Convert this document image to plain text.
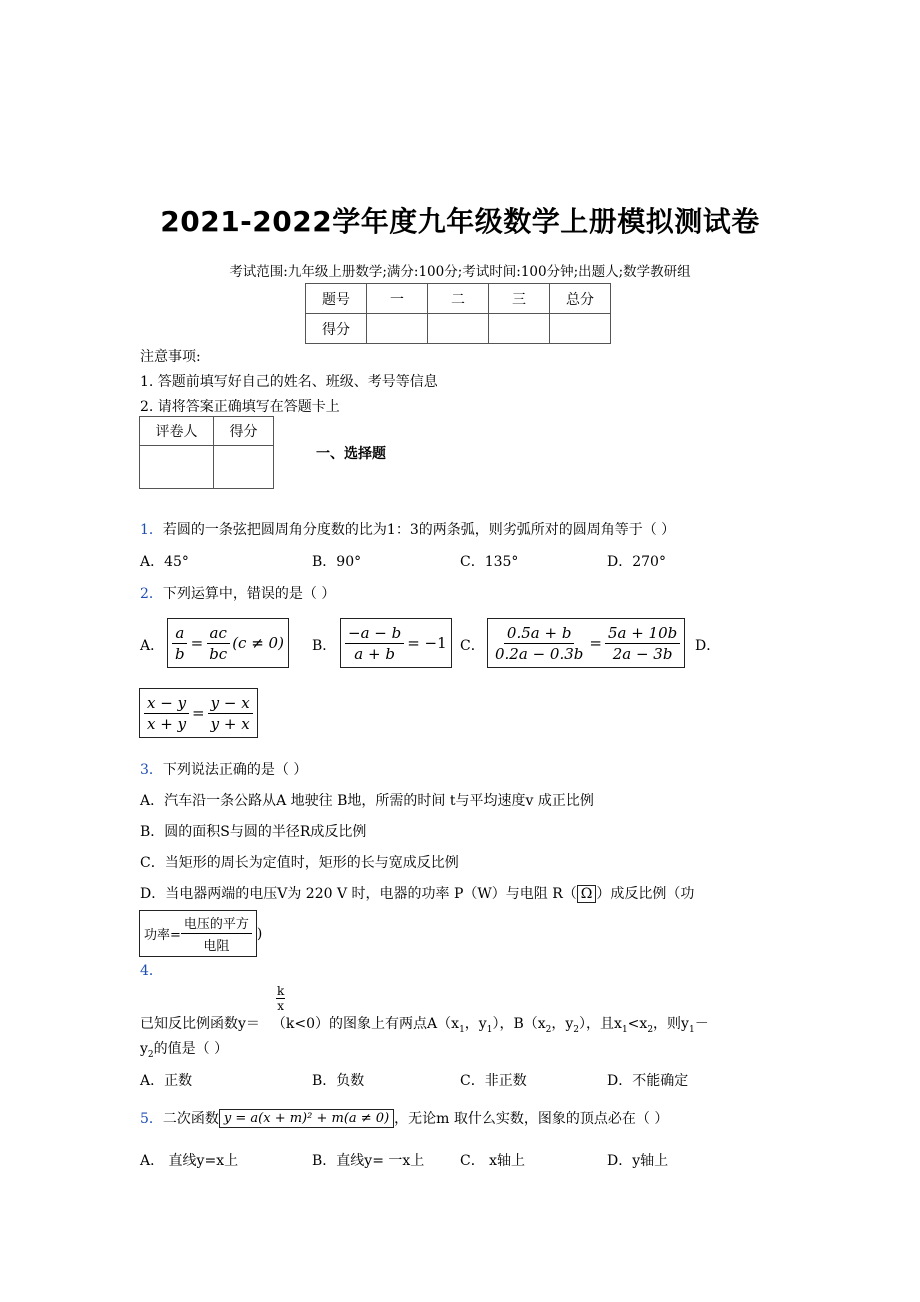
2021-2022学年度九年级数学上册模拟测试卷
考试范围:九年级上册数学;满分:100分;考试时间:100分钟;出题人;数学教研组
题号	一	二	三	总分
得分				
注意事项:
1. 答题前填写好自己的姓名、班级、考号等信息
2. 请将答案正确填写在答题卡上
评卷人	得分

一、选择题
1．若圆的一条弦把圆周角分度数的比为1：3的两条弧，则劣弧所对的圆周角等于（ ）
A．45°	B．90°	C．135°	D．270°
2．下列运算中，错误的是（ ）
A． $\frac{a}{b} = \frac{ac}{bc} (c \ne 0)$ B． $\frac{-a - b}{a + b} = -1$ C． $\frac{0.5a + b}{0.2a - 0.3b} = \frac{5a + 10b}{2a - 3b}$ D．
$\frac{x - y}{x + y} = \frac{y - x}{y + x}$
3．下列说法正确的是（ ）
A．汽车沿一条公路从A 地驶往 B地，所需的时间 t与平均速度v 成正比例
B．圆的面积S与圆的半径R成反比例
C．当矩形的周长为定值时，矩形的长与宽成反比例
D．当电器两端的电压V为 220 V 时，电器的功率 P（W）与电阻 R（ Ω ）成反比例（功
功率= $\frac{\text{电压的平方}}{\text{电阻}}$ )
4．
k
x
已知反比例函数y＝ （k<0）的图象上有两点$A(x_1$，$y_1$），$B(x_2$，$y_2$），且$x_1<x_2$，则$y_1-$
$y_2$的值是（ ）
A．正数	B．负数	C．非正数	D．不能确定
5． 二次函数 y = a(x + m)² + m(a ≠ 0) ，无论m 取什么实数，图象的顶点必在（ ）
A． 直线y=x上	B．直线y= 一x上	C． x轴上	D．y轴上
